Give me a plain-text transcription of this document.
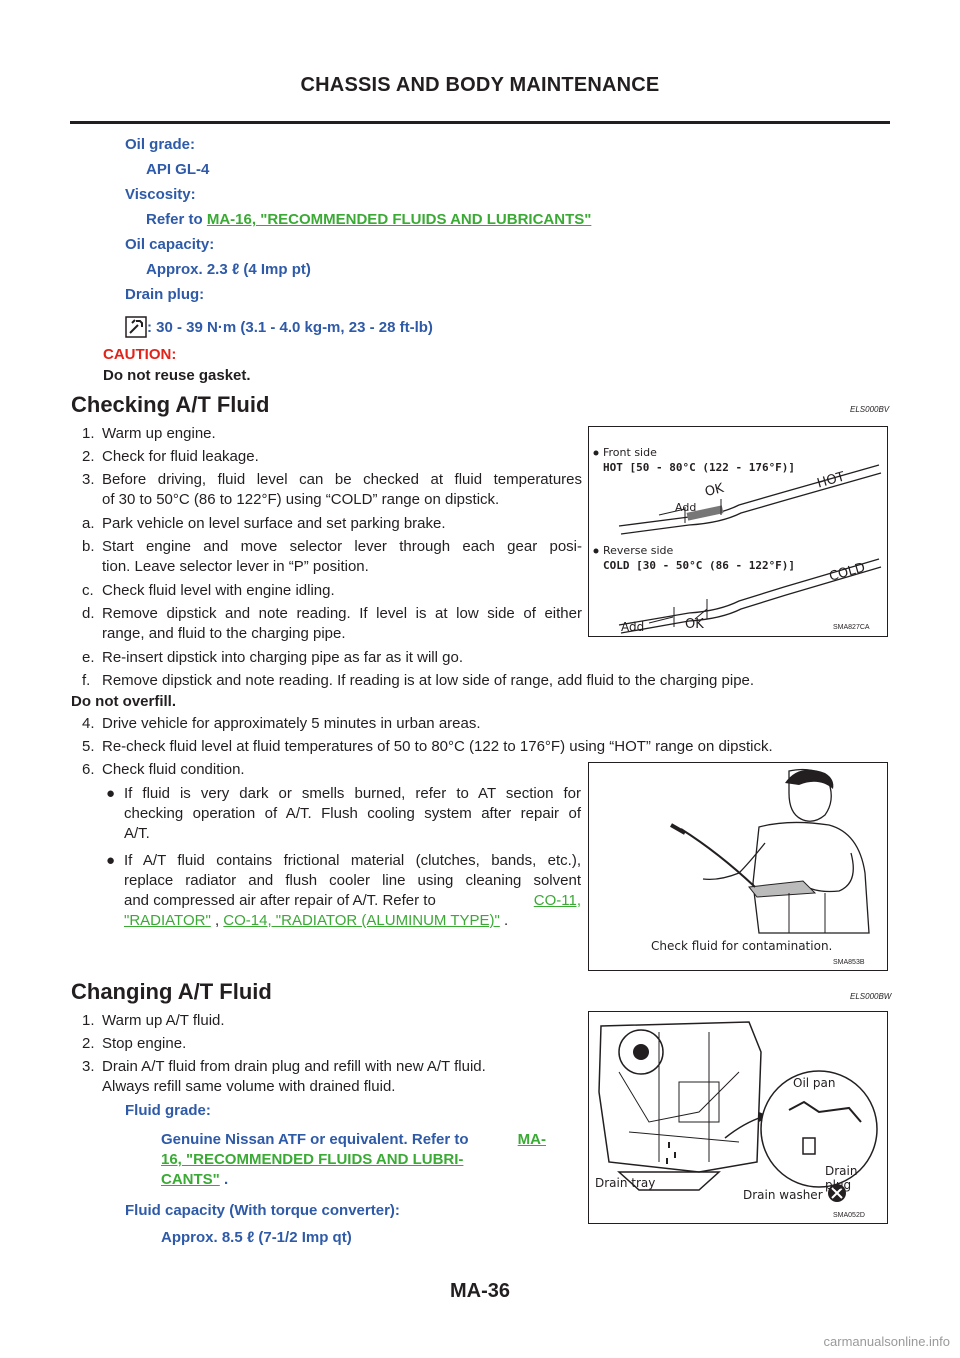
CHASSIS AND BODY MAINTENANCE
Oil grade:
API GL-4
Viscosity:
Refer to MA-16, "RECOMMENDED FLUIDS AND LUBRICANTS"
Oil capacity:
Approx. 2.3 ℓ (4 Imp pt)
Drain plug:
: 30 - 39 N·m (3.1 - 4.0 kg-m, 23 - 28 ft-lb)
CAUTION:
Do not reuse gasket.
Checking A/T Fluid	ELS000BV
1. Warm up engine.
2. Check for fluid leakage.
3. Before driving, fluid level can be checked at fluid temperatures
of 30 to 50°C (86 to 122°F) using “COLD” range on dipstick.
a. Park vehicle on level surface and set parking brake.
b. Start engine and move selector lever through each gear posi-
tion. Leave selector lever in “P” position.
c. Check fluid level with engine idling.
d. Remove dipstick and note reading. If level is at low side of either
range, and fluid to the charging pipe.
e. Re-insert dipstick into charging pipe as far as it will go.
f. Remove dipstick and note reading. If reading is at low side of range, add fluid to the charging pipe.
Do not overfill.
4. Drive vehicle for approximately 5 minutes in urban areas.
5. Re-check fluid level at fluid temperatures of 50 to 80°C (122 to 176°F) using “HOT” range on dipstick.
6. Check fluid condition.
● If fluid is very dark or smells burned, refer to AT section for
checking operation of A/T. Flush cooling system after repair of
A/T.
● If A/T fluid contains frictional material (clutches, bands, etc.),
replace radiator and flush cooler line using cleaning solvent
and compressed air after repair of A/T. Refer to	CO-11,
"RADIATOR" , CO-14, "RADIATOR (ALUMINUM TYPE)" .
Front side
HOT [50 - 80°C (122 - 176°F)]
Add
OK	HOT
Reverse side
COLD [30 - 50°C (86 - 122°F)]	COLD
Add	OK	SMA827CA
Check fluid for contamination.
SMA853B
Changing A/T Fluid	ELS000BW
1. Warm up A/T fluid.
2. Stop engine.
3. Drain A/T fluid from drain plug and refill with new A/T fluid.
Always refill same volume with drained fluid.
Fluid grade:
Genuine Nissan ATF or equivalent. Refer to	MA-
16, "RECOMMENDED FLUIDS AND LUBRI-
CANTS" .
Fluid capacity (With torque converter):
Approx. 8.5 ℓ (7-1/2 Imp qt)
Oil pan
Drain plug
Drain tray
Drain washer
SMA052D
MA-36
carmanualsonline.info
